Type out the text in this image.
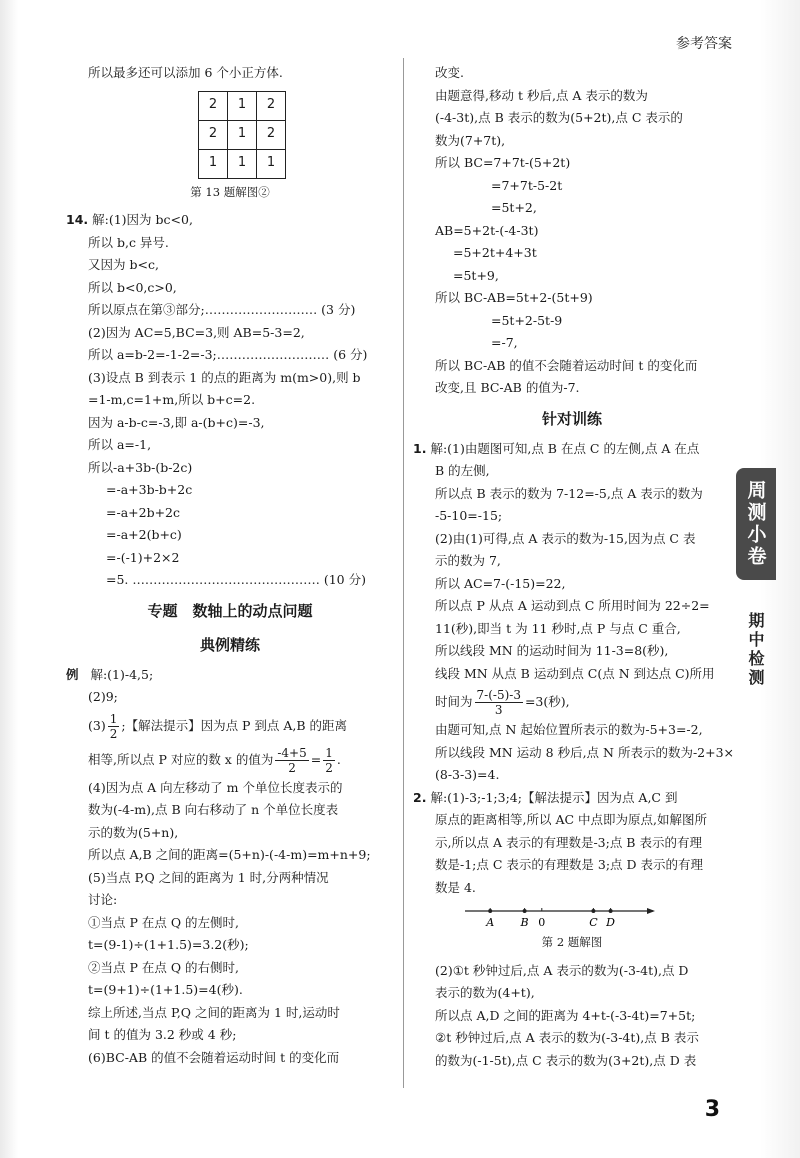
参考答案
周测小卷
期中检测
所以最多还可以添加 6 个小正方体.
2	1	2
2	1	2
1	1	1
第 13 题解图②
14. 解:(1)因为 bc<0,
所以 b,c 异号.
又因为 b<c,
所以 b<0,c>0,
所以原点在第③部分;……………………… (3 分)
(2)因为 AC=5,BC=3,则 AB=5-3=2,
所以 a=b-2=-1-2=-3;……………………… (6 分)
(3)设点 B 到表示 1 的点的距离为 m(m>0),则 b
=1-m,c=1+m,所以 b+c=2.
因为 a-b-c=-3,即 a-(b+c)=-3,
所以 a=-1,
所以-a+3b-(b-2c)
=-a+3b-b+2c
=-a+2b+2c
=-a+2(b+c)
=-(-1)+2×2
=5. ……………………………………… (10 分)
专题　数轴上的动点问题
典例精练
例 解:(1)-4,5;
(2)9;
$(3) \frac{1}{2}$ ;【解法提示】因为点 P 到点 A,B 的距离
相等,所以点 P 对应的数 x 的值为 $\frac{-4+5}{2} = \frac{1}{2}$ .
(4)因为点 A 向左移动了 m 个单位长度表示的
数为(-4-m),点 B 向右移动了 n 个单位长度表
示的数为(5+n),
所以点 A,B 之间的距离=(5+n)-(-4-m)=m+n+9;
(5)当点 P,Q 之间的距离为 1 时,分两种情况
讨论:
①当点 P 在点 Q 的左侧时,
t=(9-1)÷(1+1.5)=3.2(秒);
②当点 P 在点 Q 的右侧时,
t=(9+1)÷(1+1.5)=4(秒).
综上所述,当点 P,Q 之间的距离为 1 时,运动时
间 t 的值为 3.2 秒或 4 秒;
(6)BC-AB 的值不会随着运动时间 t 的变化而
改变.
由题意得,移动 t 秒后,点 A 表示的数为
(-4-3t),点 B 表示的数为(5+2t),点 C 表示的
数为(7+7t),
所以 BC=7+7t-(5+2t)
=7+7t-5-2t
=5t+2,
AB=5+2t-(-4-3t)
=5+2t+4+3t
=5t+9,
所以 BC-AB=5t+2-(5t+9)
=5t+2-5t-9
=-7,
所以 BC-AB 的值不会随着运动时间 t 的变化而
改变,且 BC-AB 的值为-7.
针对训练
1. 解:(1)由题图可知,点 B 在点 C 的左侧,点 A 在点
B 的左侧,
所以点 B 表示的数为 7-12=-5,点 A 表示的数为
-5-10=-15;
(2)由(1)可得,点 A 表示的数为-15,因为点 C 表
示的数为 7,
所以 AC=7-(-15)=22,
所以点 P 从点 A 运动到点 C 所用时间为 22÷2=
11(秒),即当 t 为 11 秒时,点 P 与点 C 重合,
所以线段 MN 的运动时间为 11-3=8(秒),
线段 MN 从点 B 运动到点 C(点 N 到达点 C)所用
时间为 $\frac{7-(-5)-3}{3} =3$(秒),
由题可知,点 N 起始位置所表示的数为-5+3=-2,
所以线段 MN 运动 8 秒后,点 N 所表示的数为-2+3×
(8-3-3)=4.
2. 解:(1)-3;-1;3;4;【解法提示】因为点 A,C 到
原点的距离相等,所以 AC 中点即为原点,如解图所
示,所以点 A 表示的有理数是-3;点 B 表示的有理
数是-1;点 C 表示的有理数是 3;点 D 表示的有理
数是 4.
A B 0	C D
第 2 题解图
(2)①t 秒钟过后,点 A 表示的数为(-3-4t),点 D
表示的数为(4+t),
所以点 A,D 之间的距离为 4+t-(-3-4t)=7+5t;
②t 秒钟过后,点 A 表示的数为(-3-4t),点 B 表示
的数为(-1-5t),点 C 表示的数为(3+2t),点 D 表
3
